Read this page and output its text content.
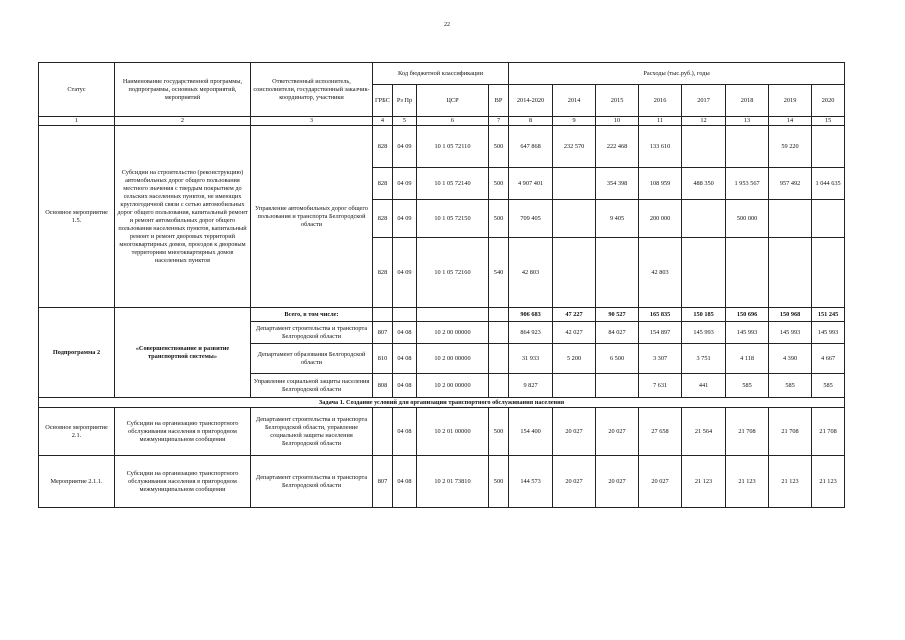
22
Статус	Наименование государственной программы, подпрограммы, основных мероприятий, мероприятий	Ответственный исполнитель, соисполнители, государственный заказчик-координатор, участники	Код бюджетной классификации				Расходы (тыс.руб.), годы							
			ГРБС	Рз Пр	ЦСР	ВР	2014-2020	2014	2015	2016	2017	2018	2019	2020
1	2	3	4	5	6	7	8	9	10	11	12	13	14	15
Основное мероприятие 1.5.	Субсидии на строительство (реконструкцию) автомобильных дорог общего пользования местного значения с твердым покрытием до сельских населенных пунктов, не имеющих круглогодичной связи с сетью автомобильных дорог общего пользования, капитальный ремонт и ремонт автомобильных дорог общего пользования населенных пунктов, капитальный ремонт и ремонт дворовых территорий многоквартирных домов, проездов к дворовым территориям многоквартирных домов населенных пунктов	Управление автомобильных дорог общего пользования и транспорта Белгородской области	828	04 09	10 1 05 72110	500	647 868	232 570	222 468	133 610			59 220	
			828	04 09	10 1 05 72140	500	4 907 401		354 398	108 959	488 350	1 953 567	957 492	1 044 635
			828	04 09	10 1 05 72150	500	709 405		9 405	200 000		500 000		
			828	04 09	10 1 05 72160	540	42 803			42 803				
Подпрограмма 2	«Совершенствование и развитие транспортной системы»	Всего, в том числе:					906 683	47 227	90 527	165 835	150 185	150 696	150 968	151 245
		Департамент строительства и транспорта Белгородской области	807	04 08	10 2 00 00000		864 923	42 027	84 027	154 897	145 993	145 993	145 993	145 993
		Департамент образования Белгородской области	810	04 08	10 2 00 00000		31 933	5 200	6 500	3 307	3 751	4 118	4 390	4 667
		Управление социальной защиты населения Белгородской области	808	04 08	10 2 00 00000		9 827			7 631	441	585	585	585
Задача 1. Создание условий для организации транспортного обслуживания населения														
Основное мероприятие 2.1.	Субсидии на организацию транспортного обслуживания населения в пригородном межмуниципальном сообщении	Департамент строительства и транспорта Белгородской области, управление социальной защиты населения Белгородской области		04 08	10 2 01 00000	500	154 400	20 027	20 027	27 658	21 564	21 708	21 708	21 708
Мероприятие 2.1.1.	Субсидии на организацию транспортного обслуживания населения в пригородном межмуниципальном сообщении	Департамент строительства и транспорта Белгородской области	807	04 08	10 2 01 73810	500	144 573	20 027	20 027	20 027	21 123	21 123	21 123	21 123
